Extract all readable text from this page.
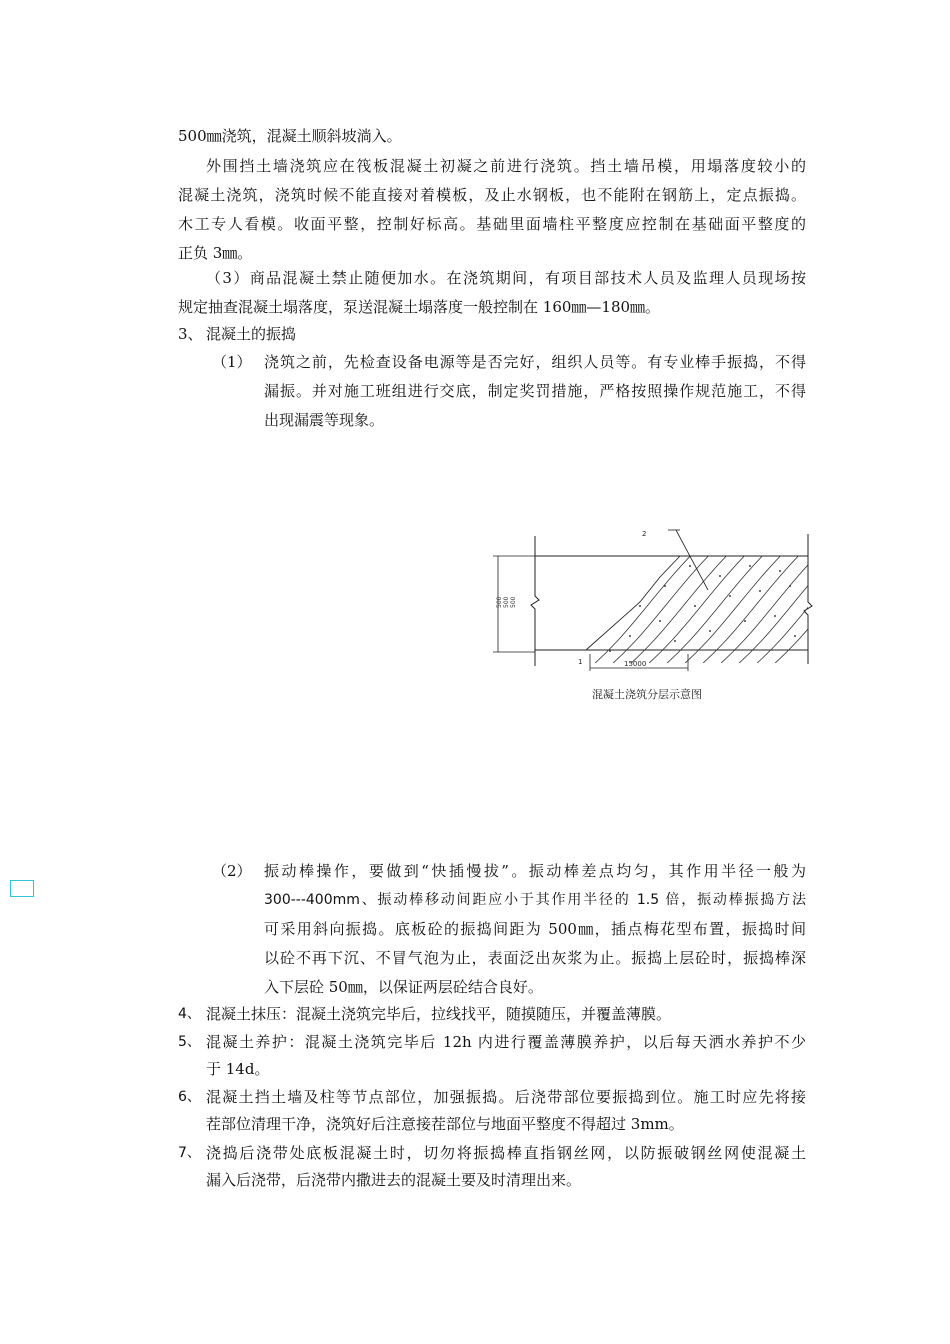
500㎜浇筑，混凝土顺斜坡淌入。
外围挡土墙浇筑应在筏板混凝土初凝之前进行浇筑。挡土墙吊模，用塌落度较小的
混凝土浇筑，浇筑时候不能直接对着模板，及止水钢板，也不能附在钢筋上，定点振捣。
木工专人看模。收面平整，控制好标高。基础里面墙柱平整度应控制在基础面平整度的
正负 3㎜。
（3）商品混凝土禁止随便加水。在浇筑期间，有项目部技术人员及监理人员现场按
规定抽查混凝土塌落度，泵送混凝土塌落度一般控制在 160㎜—180㎜。
3、 混凝土的振捣
（1） 浇筑之前，先检查设备电源等是否完好，组织人员等。有专业棒手振捣，不得
漏振。并对施工班组进行交底，制定奖罚措施，严格按照操作规范施工，不得
出现漏震等现象。
500 500 500
2
1	15000
混凝土浇筑分层示意图
（2） 振动棒操作，要做到“快插慢拔”。振动棒差点均匀，其作用半径一般为
300---400mm、振动棒移动间距应小于其作用半径的 1.5 倍，振动棒振捣方法
可采用斜向振捣。底板砼的振捣间距为 500㎜，插点梅花型布置，振捣时间
以砼不再下沉、不冒气泡为止，表面泛出灰浆为止。振捣上层砼时，振捣棒深
入下层砼 50㎜，以保证两层砼结合良好。
4、 混凝土抹压：混凝土浇筑完毕后，拉线找平，随摸随压，并覆盖薄膜。
5、 混凝土养护：混凝土浇筑完毕后 12h 内进行覆盖薄膜养护，以后每天洒水养护不少
于 14d。
6、 混凝土挡土墙及柱等节点部位，加强振捣。后浇带部位要振捣到位。施工时应先将接
茬部位清理干净，浇筑好后注意接茬部位与地面平整度不得超过 3mm。
7、 浇捣后浇带处底板混凝土时，切勿将振捣棒直指钢丝网，以防振破钢丝网使混凝土
漏入后浇带，后浇带内撒进去的混凝土要及时清理出来。
